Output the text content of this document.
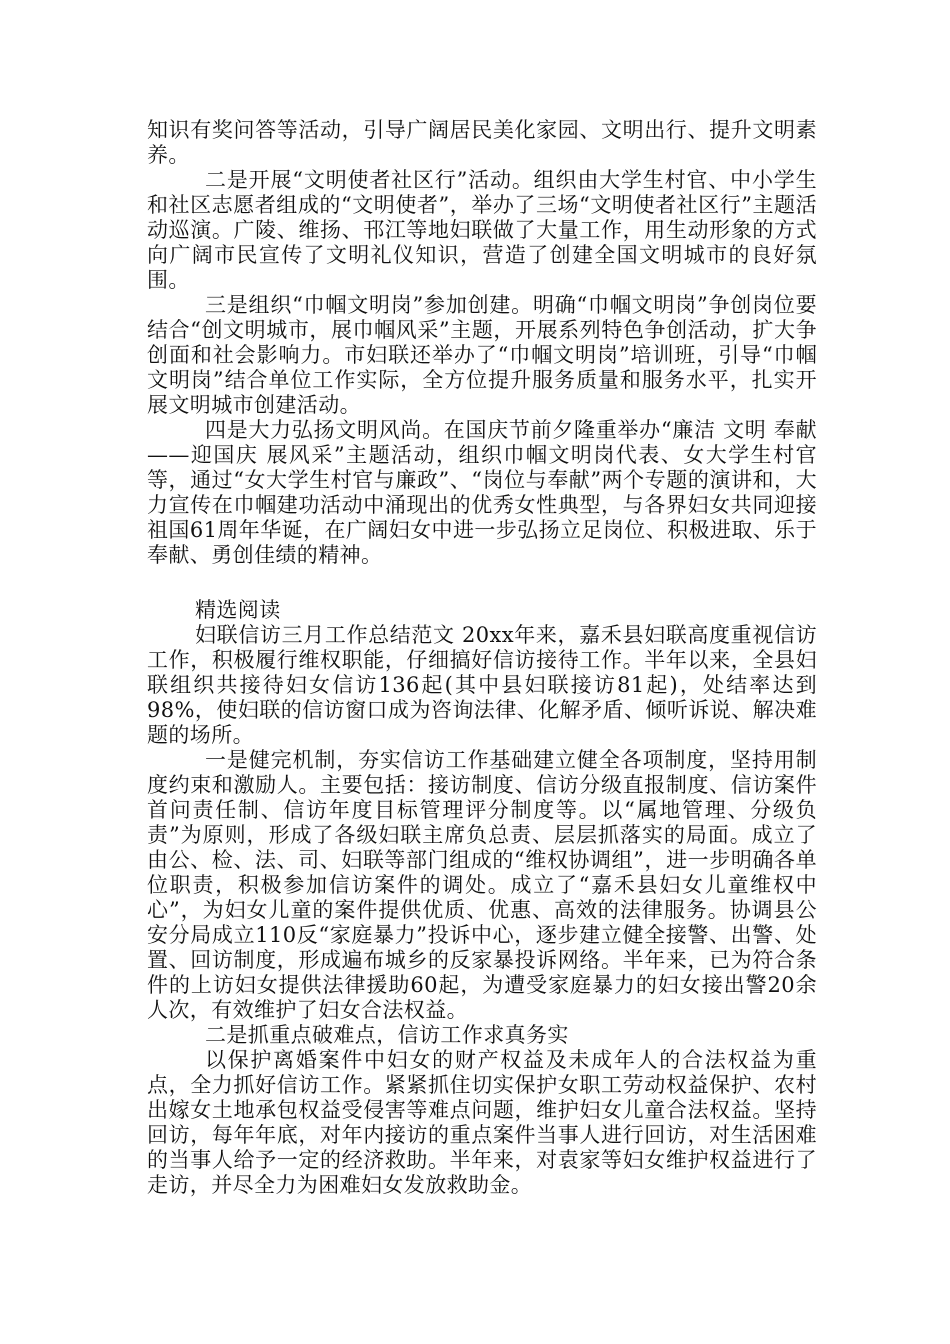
知识有奖问答等活动，引导广阔居民美化家园、文明出行、提升文明素养。

二是开展“文明使者社区行”活动。组织由大学生村官、中小学生和社区志愿者组成的“文明使者”，举办了三场“文明使者社区行”主题活动巡演。广陵、维扬、邗江等地妇联做了大量工作，用生动形象的方式向广阔市民宣传了文明礼仪知识，营造了创建全国文明城市的良好氛围。

三是组织“巾帼文明岗”参加创建。明确“巾帼文明岗”争创岗位要结合“创文明城市，展巾帼风采”主题，开展系列特色争创活动，扩大争创面和社会影响力。市妇联还举办了“巾帼文明岗”培训班，引导“巾帼文明岗”结合单位工作实际，全方位提升服务质量和服务水平，扎实开展文明城市创建活动。

四是大力弘扬文明风尚。在国庆节前夕隆重举办“廉洁 文明 奉献——迎国庆 展风采”主题活动，组织巾帼文明岗代表、女大学生村官等，通过“女大学生村官与廉政”、“岗位与奉献”两个专题的演讲和，大力宣传在巾帼建功活动中涌现出的优秀女性典型，与各界妇女共同迎接祖国61周年华诞，在广阔妇女中进一步弘扬立足岗位、积极进取、乐于奉献、勇创佳绩的精神。

精选阅读

妇联信访三月工作总结范文 20xx年来，嘉禾县妇联高度重视信访工作，积极履行维权职能，仔细搞好信访接待工作。半年以来，全县妇联组织共接待妇女信访136起(其中县妇联接访81起)，处结率达到98%，使妇联的信访窗口成为咨询法律、化解矛盾、倾听诉说、解决难题的场所。

一是健完机制，夯实信访工作基础建立健全各项制度，坚持用制度约束和激励人。主要包括：接访制度、信访分级直报制度、信访案件首问责任制、信访年度目标管理评分制度等。以“属地管理、分级负责”为原则，形成了各级妇联主席负总责、层层抓落实的局面。成立了由公、检、法、司、妇联等部门组成的“维权协调组”，进一步明确各单位职责，积极参加信访案件的调处。成立了“嘉禾县妇女儿童维权中心”，为妇女儿童的案件提供优质、优惠、高效的法律服务。协调县公安分局成立110反“家庭暴力”投诉中心，逐步建立健全接警、出警、处置、回访制度，形成遍布城乡的反家暴投诉网络。半年来，已为符合条件的上访妇女提供法律援助60起，为遭受家庭暴力的妇女接出警20余人次，有效维护了妇女合法权益。

二是抓重点破难点，信访工作求真务实

以保护离婚案件中妇女的财产权益及未成年人的合法权益为重点，全力抓好信访工作。紧紧抓住切实保护女职工劳动权益保护、农村出嫁女土地承包权益受侵害等难点问题，维护妇女儿童合法权益。坚持回访，每年年底，对年内接访的重点案件当事人进行回访，对生活困难的当事人给予一定的经济救助。半年来，对袁家等妇女维护权益进行了走访，并尽全力为困难妇女发放救助金。
